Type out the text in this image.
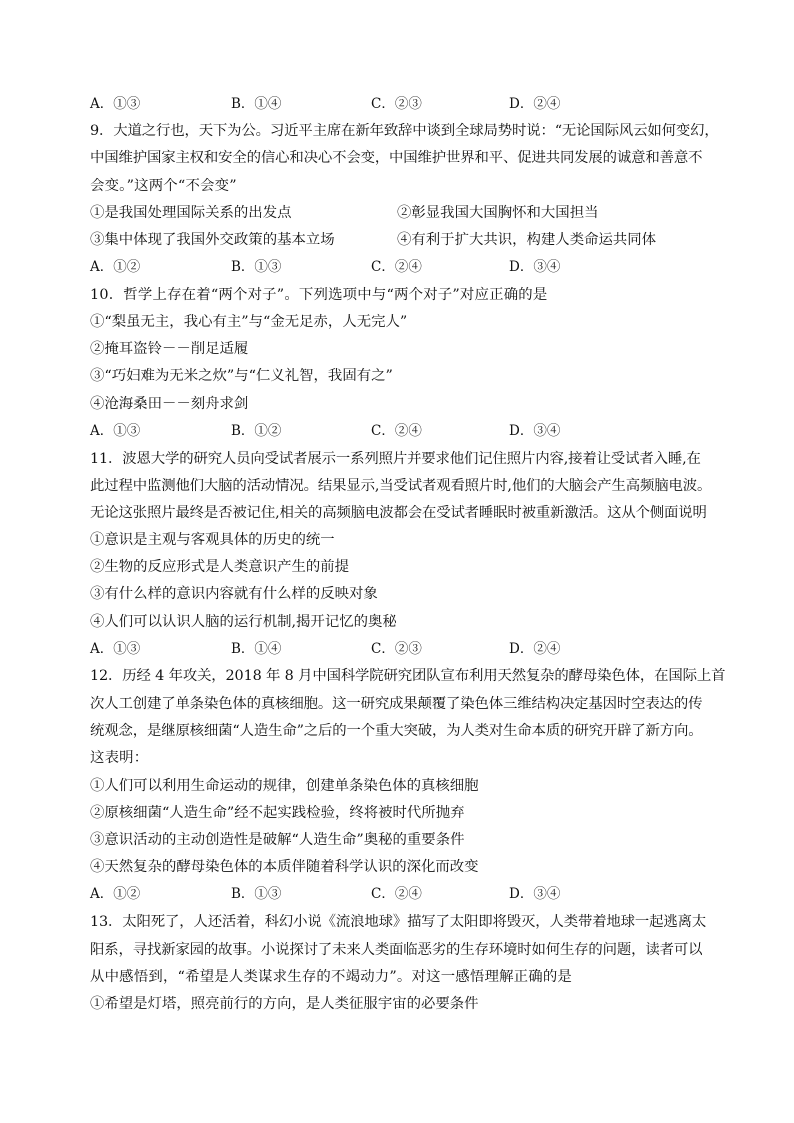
A．①③	B．①④	C．②③	D．②④
9．大道之行也，天下为公。习近平主席在新年致辞中谈到全球局势时说：“无论国际风云如何变幻，
中国维护国家主权和安全的信心和决心不会变，中国维护世界和平、促进共同发展的诚意和善意不
会变。”这两个“不会变”
①是我国处理国际关系的出发点	②彰显我国大国胸怀和大国担当
③集中体现了我国外交政策的基本立场	④有利于扩大共识，构建人类命运共同体
A．①②	B．①③	C．②④	D．③④
10．哲学上存在着“两个对子”。下列选项中与“两个对子”对应正确的是
①“梨虽无主，我心有主”与“金无足赤，人无完人”
②掩耳盗铃－－削足适履
③“巧妇难为无米之炊”与“仁义礼智，我固有之”
④沧海桑田－－刻舟求剑
A．①③	B．①②	C．②④	D．③④
11．波恩大学的研究人员向受试者展示一系列照片并要求他们记住照片内容,接着让受试者入睡,在
此过程中监测他们大脑的活动情况。结果显示,当受试者观看照片时,他们的大脑会产生高频脑电波。
无论这张照片最终是否被记住,相关的高频脑电波都会在受试者睡眠时被重新激活。这从个侧面说明
①意识是主观与客观具体的历史的统一
②生物的反应形式是人类意识产生的前提
③有什么样的意识内容就有什么样的反映对象
④人们可以认识人脑的运行机制,揭开记忆的奥秘
A．①③	B．①④	C．②③	D．②④
12．历经 4 年攻关，2018 年 8 月中国科学院研究团队宣布利用天然复杂的酵母染色体，在国际上首
次人工创建了单条染色体的真核细胞。这一研究成果颠覆了染色体三维结构决定基因时空表达的传
统观念，是继原核细菌“人造生命”之后的一个重大突破，为人类对生命本质的研究开辟了新方向。
这表明：
①人们可以利用生命运动的规律，创建单条染色体的真核细胞
②原核细菌“人造生命”经不起实践检验，终将被时代所抛弃
③意识活动的主动创造性是破解“人造生命”奥秘的重要条件
④天然复杂的酵母染色体的本质伴随着科学认识的深化而改变
A．①②	B．①③	C．②④	D．③④
13．太阳死了，人还活着，科幻小说《流浪地球》描写了太阳即将毁灭，人类带着地球一起逃离太
阳系，寻找新家园的故事。小说探讨了未来人类面临恶劣的生存环境时如何生存的问题，读者可以
从中感悟到，“希望是人类谋求生存的不竭动力”。对这一感悟理解正确的是
①希望是灯塔，照亮前行的方向，是人类征服宇宙的必要条件
